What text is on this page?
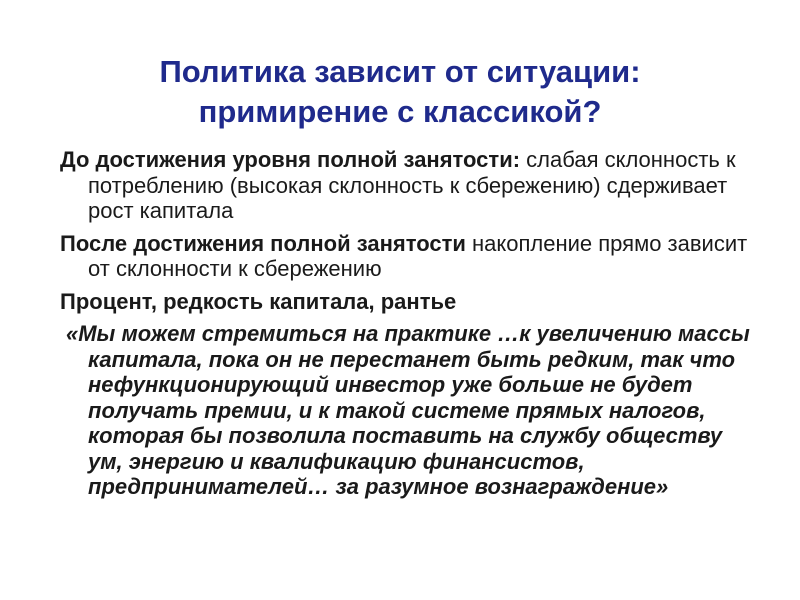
Политика зависит от ситуации:
примирение с классикой?

До достижения уровня полной занятости: слабая склонность к потреблению (высокая склонность к сбережению) сдерживает рост капитала

После достижения полной занятости накопление прямо зависит от склонности к сбережению

Процент, редкость капитала, рантье

«Мы можем стремиться на практике …к увеличению массы капитала, пока он не перестанет быть редким, так что нефункционирующий инвестор уже больше не будет получать премии, и к такой системе прямых налогов, которая бы позволила поставить на службу обществу ум, энергию и квалификацию финансистов, предпринимателей… за разумное вознаграждение»
